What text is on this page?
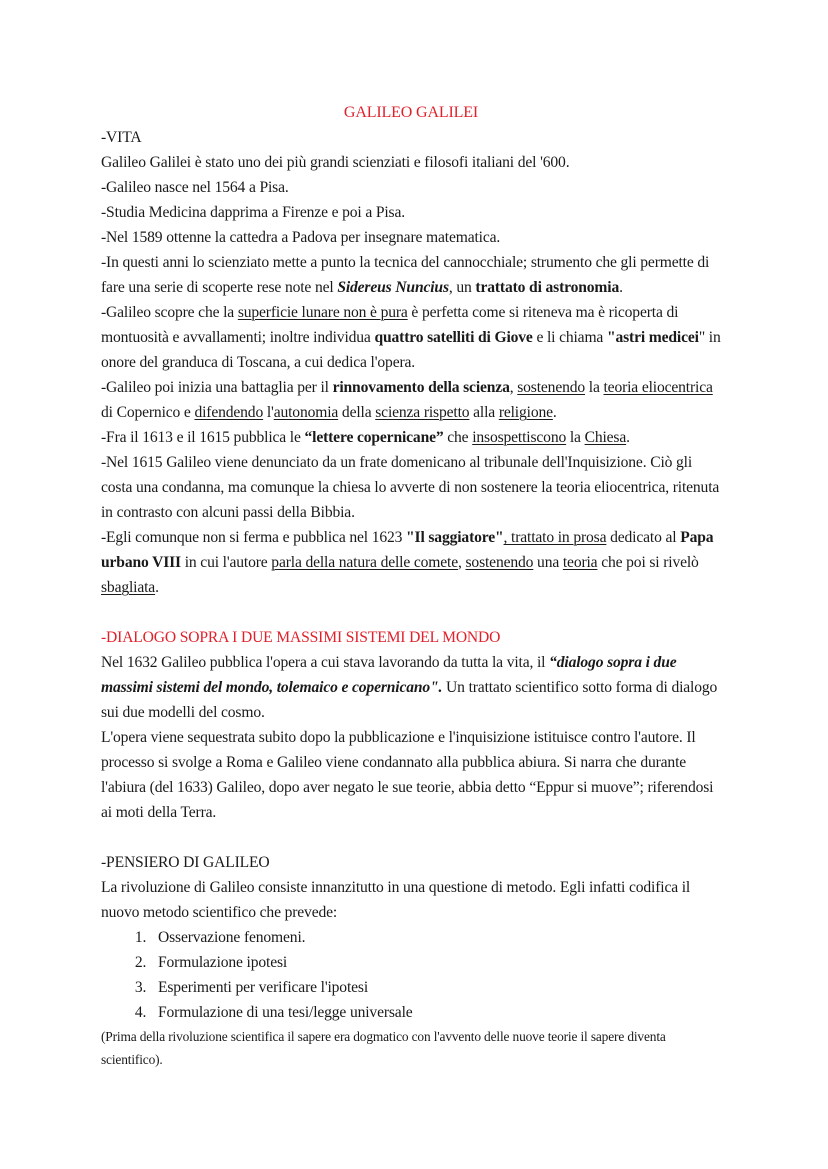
GALILEO GALILEI
-VITA

Galileo Galilei è stato uno dei più grandi scienziati e filosofi italiani del '600.

-Galileo nasce nel 1564 a Pisa.

-Studia Medicina dapprima a Firenze e poi a Pisa.

-Nel 1589 ottenne la cattedra a Padova per insegnare matematica.

-In questi anni lo scienziato mette a punto la tecnica del cannocchiale; strumento che gli permette di fare una serie di scoperte rese note nel Sidereus Nuncius, un trattato di astronomia.

-Galileo scopre che la superficie lunare non è pura è perfetta come si riteneva ma è ricoperta di montuosità e avvallamenti; inoltre individua quattro satelliti di Giove e li chiama "astri medicei" in onore del granduca di Toscana, a cui dedica l'opera.

-Galileo poi inizia una battaglia per il rinnovamento della scienza, sostenendo la teoria eliocentrica di Copernico e difendendo l'autonomia della scienza rispetto alla religione.

-Fra il 1613 e il 1615 pubblica le “lettere copernicane” che insospettiscono la Chiesa.

-Nel 1615 Galileo viene denunciato da un frate domenicano al tribunale dell'Inquisizione. Ciò gli costa una condanna, ma comunque la chiesa lo avverte di non sostenere la teoria eliocentrica, ritenuta in contrasto con alcuni passi della Bibbia.

-Egli comunque non si ferma e pubblica nel 1623 "Il saggiatore", trattato in prosa dedicato al Papa urbano VIII in cui l'autore parla della natura delle comete, sostenendo una teoria che poi si rivelò sbagliata.

-DIALOGO SOPRA I DUE MASSIMI SISTEMI DEL MONDO

Nel 1632 Galileo pubblica l'opera a cui stava lavorando da tutta la vita, il “dialogo sopra i due massimi sistemi del mondo, tolemaico e copernicano". Un trattato scientifico sotto forma di dialogo sui due modelli del cosmo.

L'opera viene sequestrata subito dopo la pubblicazione e l'inquisizione istituisce contro l'autore. Il processo si svolge a Roma e Galileo viene condannato alla pubblica abiura. Si narra che durante l'abiura (del 1633) Galileo, dopo aver negato le sue teorie, abbia detto “Eppur si muove”; riferendosi ai moti della Terra.

-PENSIERO DI GALILEO

La rivoluzione di Galileo consiste innanzitutto in una questione di metodo. Egli infatti codifica il nuovo metodo scientifico che prevede:

1. Osservazione fenomeni.
2. Formulazione ipotesi
3. Esperimenti per verificare l'ipotesi
4. Formulazione di una tesi/legge universale

(Prima della rivoluzione scientifica il sapere era dogmatico con l'avvento delle nuove teorie il sapere diventa scientifico).
